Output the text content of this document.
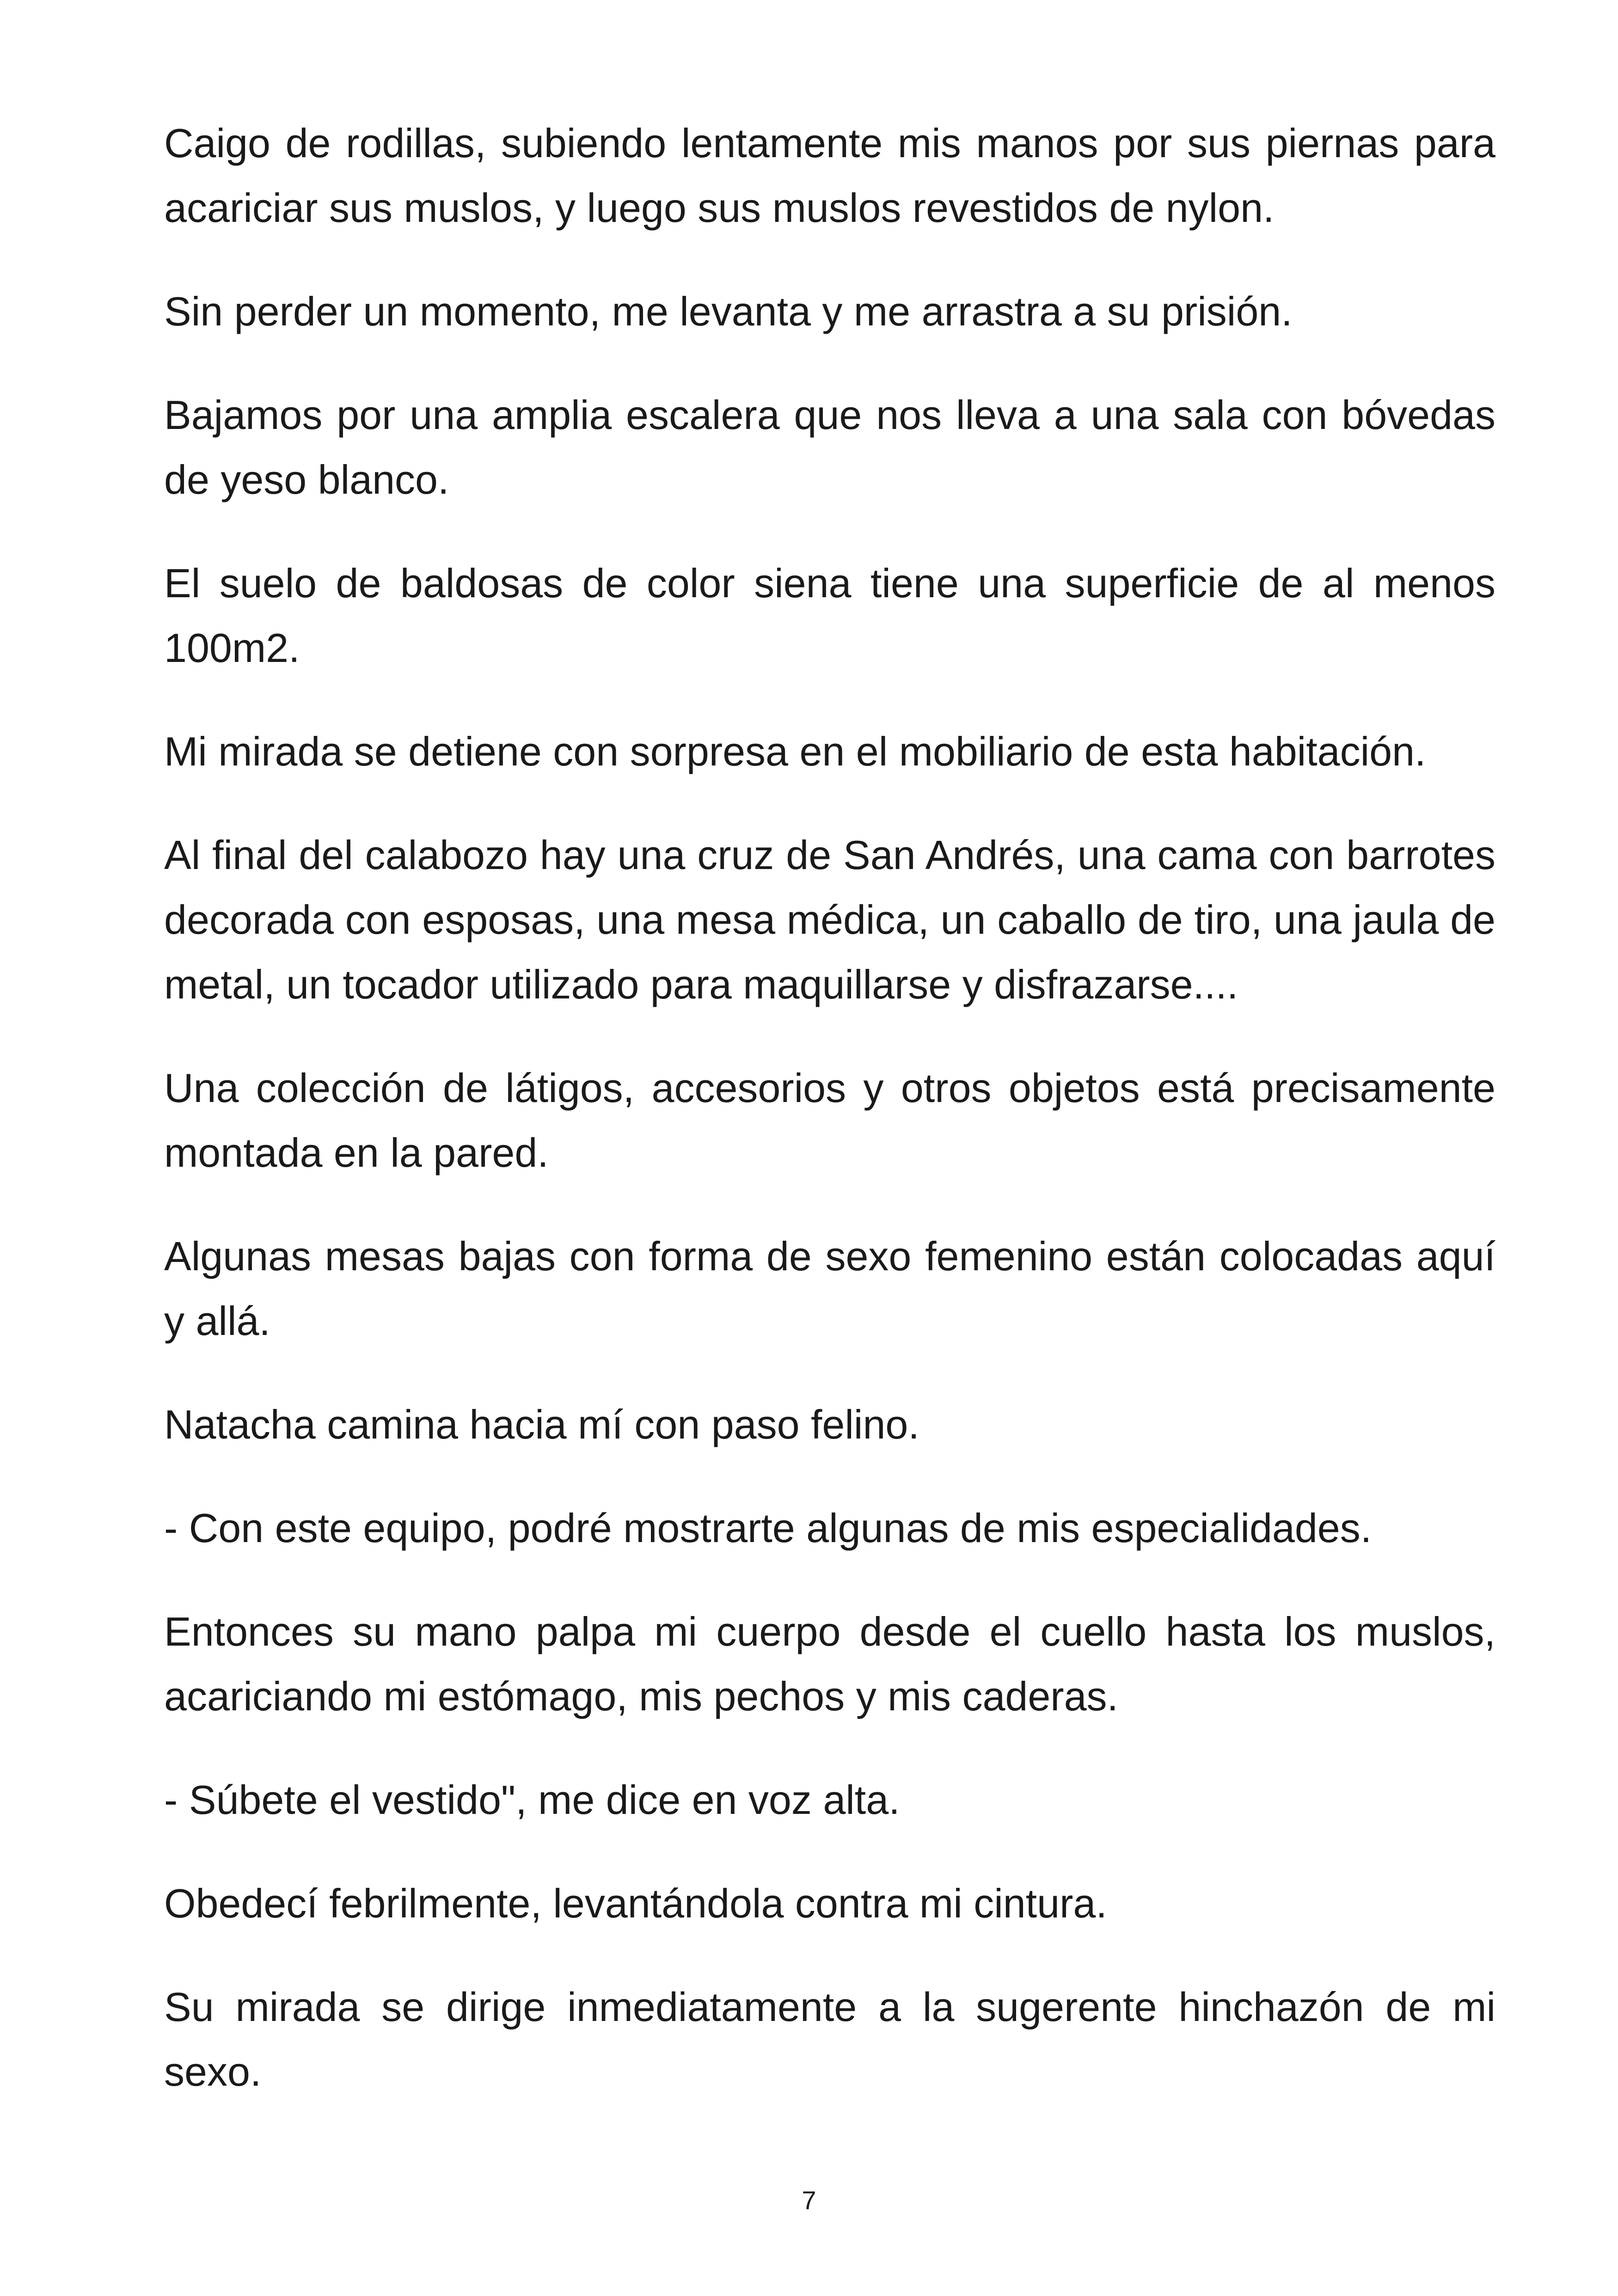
Caigo de rodillas, subiendo lentamente mis manos por sus piernas para acariciar sus muslos, y luego sus muslos revestidos de nylon.

Sin perder un momento, me levanta y me arrastra a su prisión.

Bajamos por una amplia escalera que nos lleva a una sala con bóvedas de yeso blanco.

El suelo de baldosas de color siena tiene una superficie de al menos 100m2.

Mi mirada se detiene con sorpresa en el mobiliario de esta habitación.

Al final del calabozo hay una cruz de San Andrés, una cama con barrotes decorada con esposas, una mesa médica, un caballo de tiro, una jaula de metal, un tocador utilizado para maquillarse y disfrazarse....

Una colección de látigos, accesorios y otros objetos está precisamente montada en la pared.

Algunas mesas bajas con forma de sexo femenino están colocadas aquí y allá.

Natacha camina hacia mí con paso felino.

- Con este equipo, podré mostrarte algunas de mis especialidades.

Entonces su mano palpa mi cuerpo desde el cuello hasta los muslos, acariciando mi estómago, mis pechos y mis caderas.

- Súbete el vestido", me dice en voz alta.

Obedecí febrilmente, levantándola contra mi cintura.

Su mirada se dirige inmediatamente a la sugerente hinchazón de mi sexo.

7
